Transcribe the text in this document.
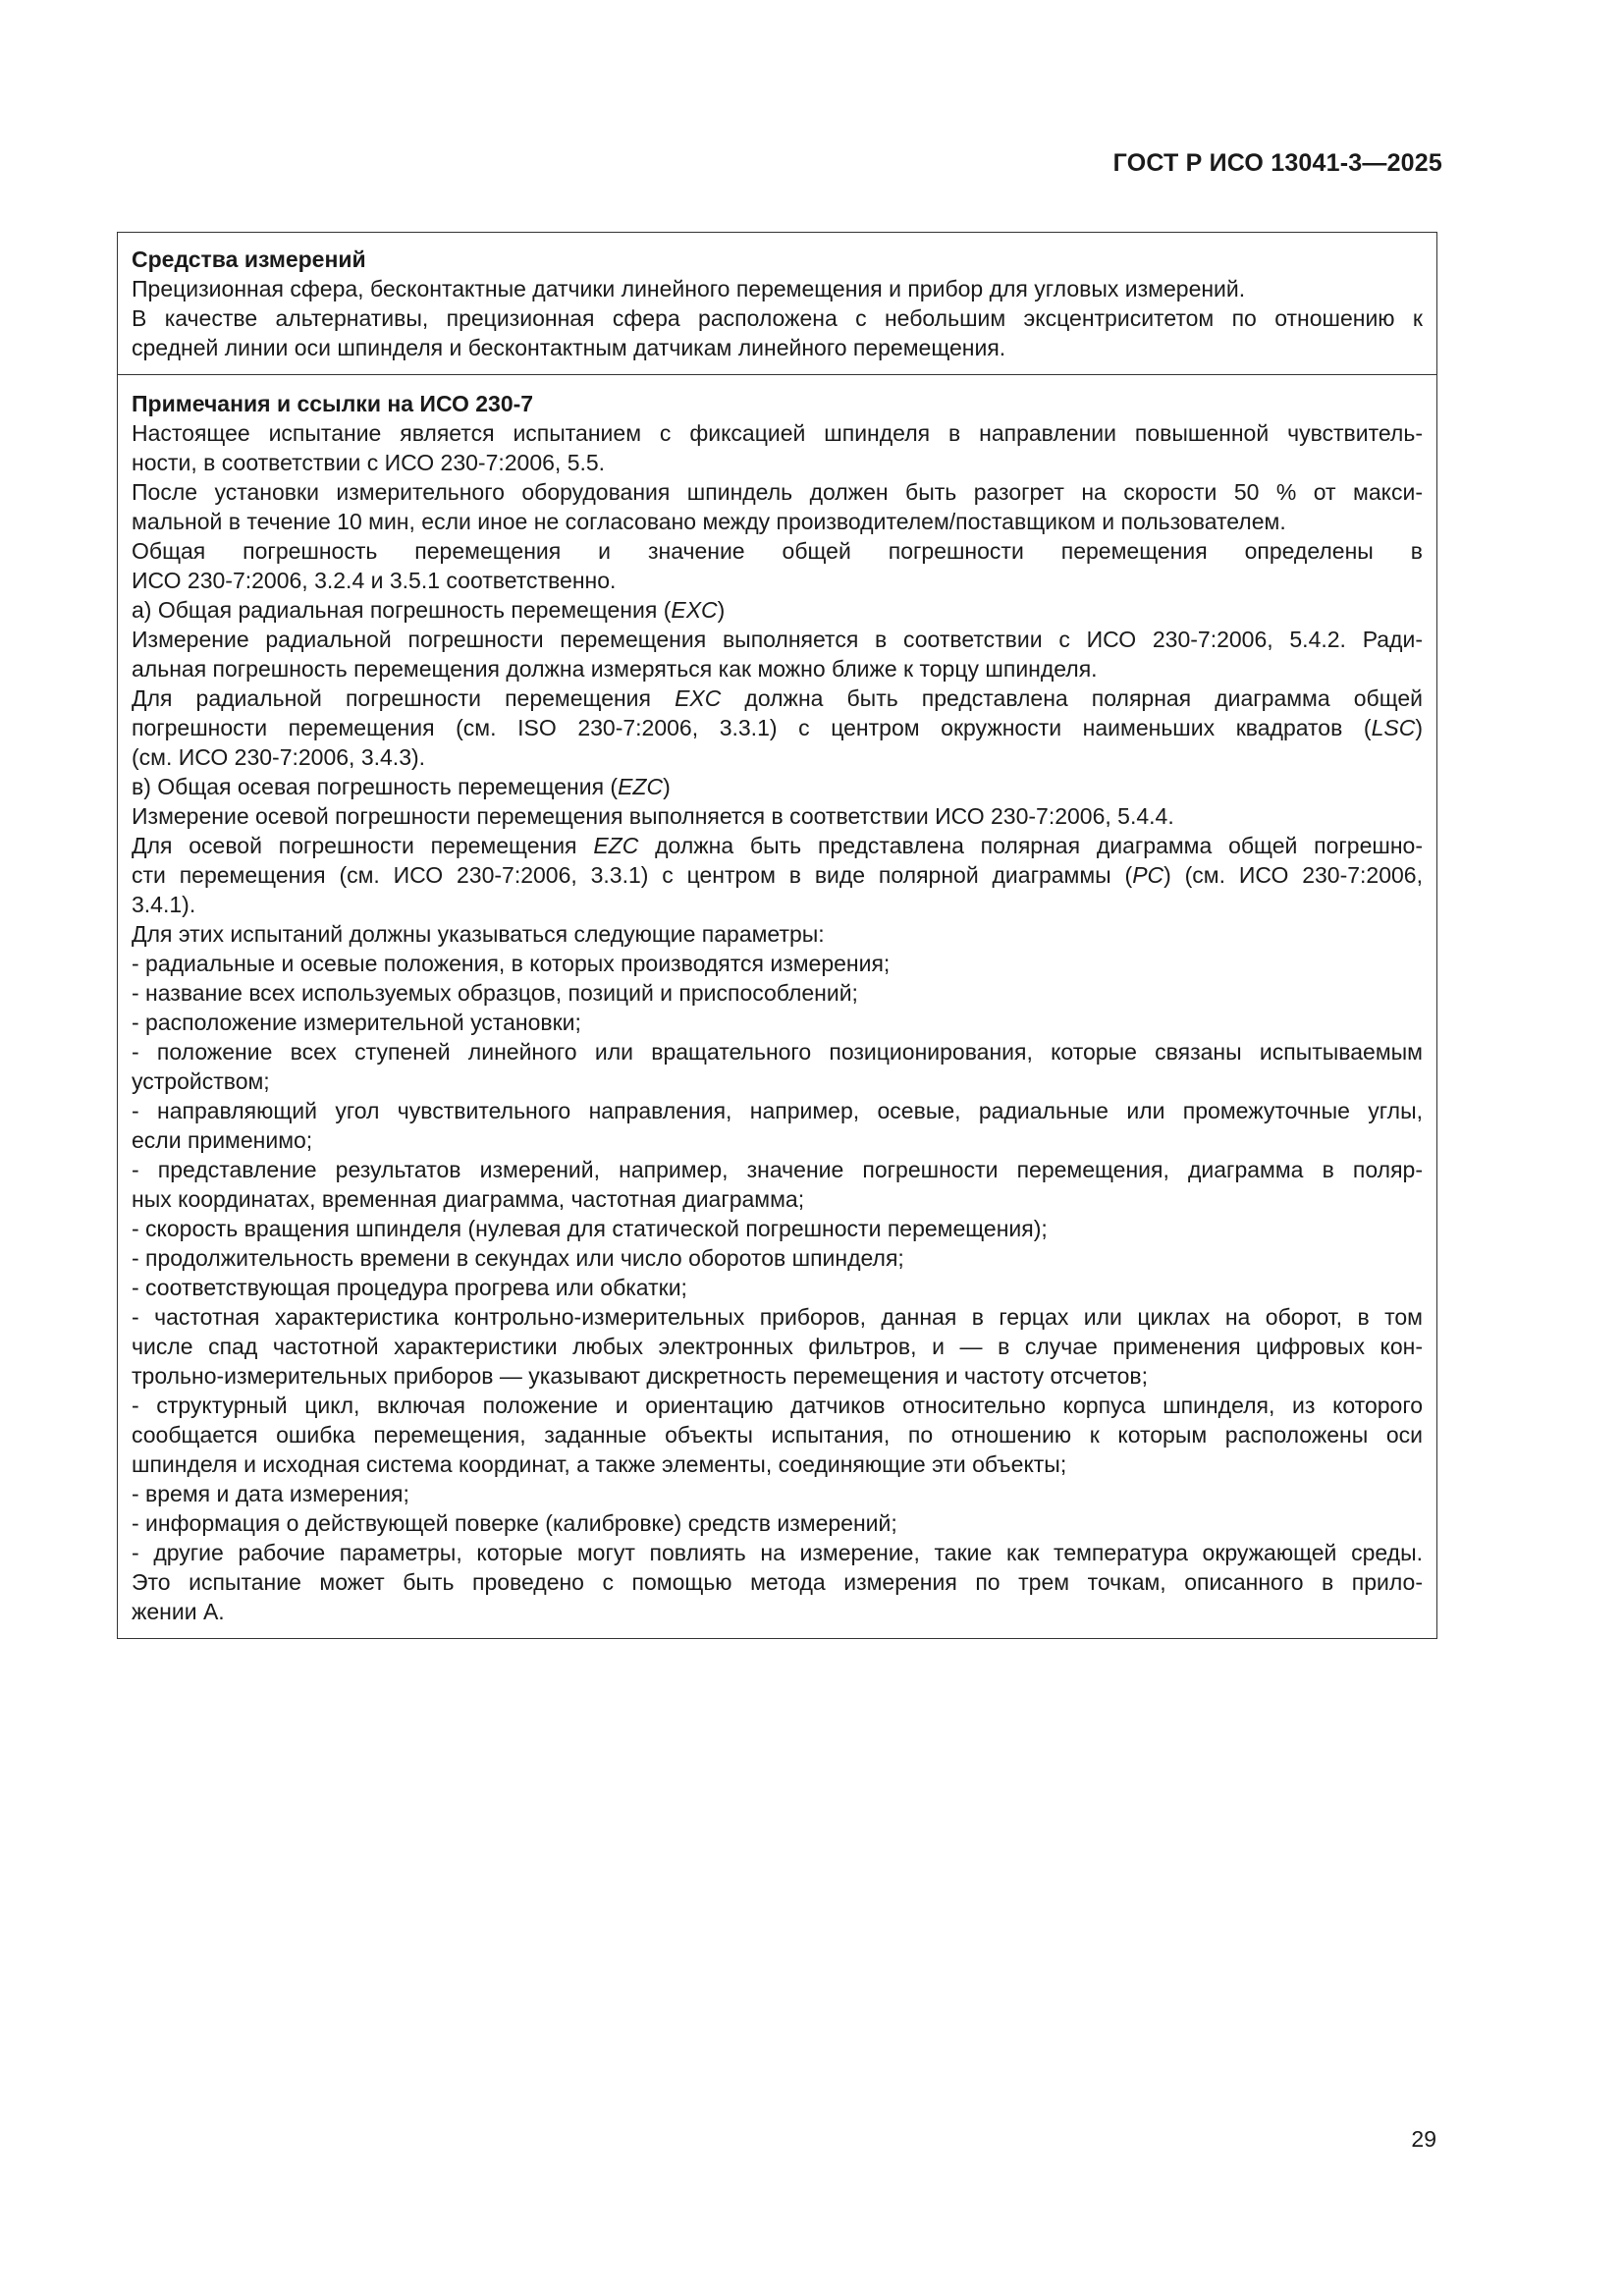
ГОСТ Р ИСО 13041-3—2025
Средства измерений
Прецизионная сфера, бесконтактные датчики линейного перемещения и прибор для угловых измерений.
В качестве альтернативы, прецизионная сфера расположена с небольшим эксцентриситетом по отношению к
средней линии оси шпинделя и бесконтактным датчикам линейного перемещения.
Примечания и ссылки на ИСО 230-7
Настоящее испытание является испытанием с фиксацией шпинделя в направлении повышенной чувствитель-
ности, в соответствии с ИСО 230-7:2006, 5.5.
После установки измерительного оборудования шпиндель должен быть разогрет на скорости 50 % от макси-
мальной в течение 10 мин, если иное не согласовано между производителем/поставщиком и пользователем.
Общая погрешность перемещения и значение общей погрешности перемещения определены в
ИСО 230-7:2006, 3.2.4 и 3.5.1 соответственно.
а) Общая радиальная погрешность перемещения (EXC)
Измерение радиальной погрешности перемещения выполняется в соответствии с ИСО 230-7:2006, 5.4.2. Ради-
альная погрешность перемещения должна измеряться как можно ближе к торцу шпинделя.
Для радиальной погрешности перемещения EXC должна быть представлена полярная диаграмма общей
погрешности перемещения (см. ISO 230-7:2006, 3.3.1) с центром окружности наименьших квадратов (LSC)
(см. ИСО 230-7:2006, 3.4.3).
в) Общая осевая погрешность перемещения (EZC)
Измерение осевой погрешности перемещения выполняется в соответствии ИСО 230-7:2006, 5.4.4.
Для осевой погрешности перемещения EZC должна быть представлена полярная диаграмма общей погрешно-
сти перемещения (см. ИСО 230-7:2006, 3.3.1) с центром в виде полярной диаграммы (PC) (см. ИСО 230-7:2006,
3.4.1).
Для этих испытаний должны указываться следующие параметры:
- радиальные и осевые положения, в которых производятся измерения;
- название всех используемых образцов, позиций и приспособлений;
- расположение измерительной установки;
- положение всех ступеней линейного или вращательного позиционирования, которые связаны испытываемым
устройством;
- направляющий угол чувствительного направления, например, осевые, радиальные или промежуточные углы,
если применимо;
- представление результатов измерений, например, значение погрешности перемещения, диаграмма в поляр-
ных координатах, временная диаграмма, частотная диаграмма;
- скорость вращения шпинделя (нулевая для статической погрешности перемещения);
- продолжительность времени в секундах или число оборотов шпинделя;
- соответствующая процедура прогрева или обкатки;
- частотная характеристика контрольно-измерительных приборов, данная в герцах или циклах на оборот, в том
числе спад частотной характеристики любых электронных фильтров, и — в случае применения цифровых кон-
трольно-измерительных приборов — указывают дискретность перемещения и частоту отсчетов;
- структурный цикл, включая положение и ориентацию датчиков относительно корпуса шпинделя, из которого
сообщается ошибка перемещения, заданные объекты испытания, по отношению к которым расположены оси
шпинделя и исходная система координат, а также элементы, соединяющие эти объекты;
- время и дата измерения;
- информация о действующей поверке (калибровке) средств измерений;
- другие рабочие параметры, которые могут повлиять на измерение, такие как температура окружающей среды.
Это испытание может быть проведено с помощью метода измерения по трем точкам, описанного в прило-
жении А.
29
